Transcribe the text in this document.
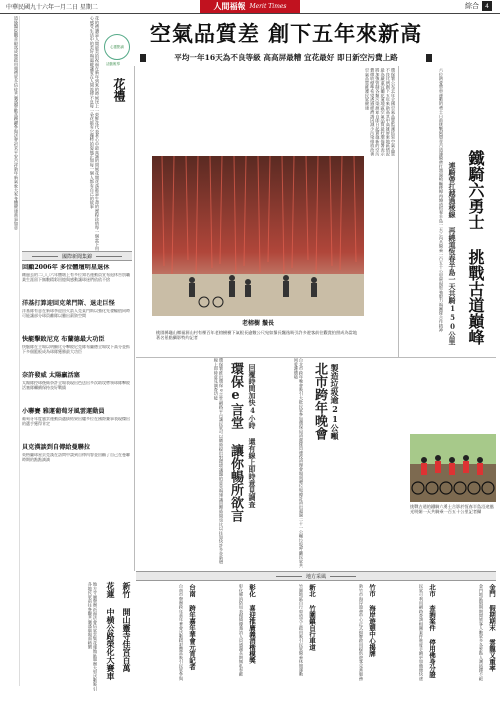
中華民國九十六年一月二日 星期二	人間福報 Merit Times	綜合	4
道隆醫院觀音殿落成暨啟用典禮眾多信徒共襄盛舉歡喜踴躍參與法會祈求平安吉祥新年新氣象大家身體健康萬事如意	花的禮讚是人間最美的祝福在新年到來的時候送上一束鮮花代表著心中最真誠的問候花開花落都是生命的歷程珍惜每一個當下用心感受生活中的美好與溫暖讓愛在人間流傳不息每一朵花都有它獨特的姿態正如每一個人都有自己的故事	心靈點滴
活動報導
花禮
國際新聞集錦
回顧2006年 多位體壇明星退休

剛過去的二〇〇六年體壇上有多位知名運動員宣布退休告別職業生涯留下無數精彩回憶與感動讓球迷們依依不捨

洋基打算迎回克萊門斯、退走巨怪

洋基隊有意在新球季迎回火箭人克萊門斯以強化先發輪值同時可能讓部分球員離隊以騰出薪資空間

快艇擊敗尼克 布蘭德最大功臣

快艇隊在主場以明顯比分擊敗尼克隊布蘭德全場攻下高分並抓下多個籃板成為球隊獲勝最大功臣

奈許發威 太陽贏活塞

太陽隊控球後衛奈許全場表現出色送出多次助攻帶領球隊擊敗活塞隊繼續保持良好戰績

小聯賽 雅運葡萄牙風雲運動員

葡萄牙年度風雲運動員選拔結果出爐多位在國際賽事表現傑出的選手獲得肯定

貝克漢談到自傳給曼聯拉

英格蘭球星貝克漢在訪問中談到自傳內容並回顧了自己在曼聯時期的點點滴滴

空氣品質差 創下五年來新高
平均一年16天為不良等級 高高屏最糟 宜花最好 即日新空污費上路
環保署公布去年全國空氣品質監測結果空氣品質不良比例創下五年來新高其中高雄屏東地區情況最為嚴重宜蘭花蓮地區空氣品質最好環保署表示將加強管制各類污染源並自即日起實施新的空污費徵收標準希望透過經濟誘因減少污染排放改善空氣品質維護民眾健康
老榕樹 鬚長
桃園縣龜山鄉福源山村有棵百年老榕樹樹下氣根長逾數公尺宛如鬚長飄逸吸引許多遊客前往觀賞拍照成為當地著名景點攝影特約記者
六位熱愛單車運動的勇士日前挑戰阿塱壹古道連騎帶扛越過崎嶇稜線再繞道恆春半島一天之內共騎乘一百五十公里展現堅強毅力與團隊合作精神 連騎帶扛越過稜線 再繞道恆春半島一天共騎150公里 鐵騎六勇士 挑戰古道巔峰
環保署推出環保e言堂網路平台讓民眾可以隨時提出對環境議題的意見與建議回覆時間也比以往加快許多並新增線上即時意見調查功能	回覆時間加快4小時 還有線上即時意見調查
環保e言堂 讓你暢所欲言	台北市跨年晚會吸引大批民眾參加環保局清潔隊員連夜清理會場周邊垃圾總計清出超過二十一公噸垃圾呼籲民眾共同愛護環境	製造垃圾逾21公噸
北市跨年晚會
挑戰古道的鐵騎六勇士合影於恆春半島沿途風光明媚一天共騎乘一百五十公里記者攝
地方采風
金門 假期期末 雲龍又重率
金門地區假期期間旅客人數眾多各景點人潮絡繹不絕
北市 查詢案件 停用佛身分證
民眾可利用網路查詢相關案件進度手續更加簡便快速
竹市 海岸遊憩中心揭牌
新竹市海岸遊憩中心正式揭牌啟用提供遊客完善服務
新北 竹圍鎮自行車道
竹圍地區自行車道完工啟用吸引民眾騎乘休閒運動
彰化 喜迎推廣義消楷模獎
彰化縣消防局表揚績優義消人員感謝長期無私奉獻
台南 跨年嘉年華會元宵記者
台南市舉辦跨年嘉年華會活動精彩豐富吸引民眾參與
新竹 開山靈寺佳宮百萬
花蓮 中横公路榮化大賽車
地方寺廟舉辦祈福法會信眾雲集花蓮地區舉辦大型活動吸引各地民眾前往參觀共襄盛舉場面熱鬧
